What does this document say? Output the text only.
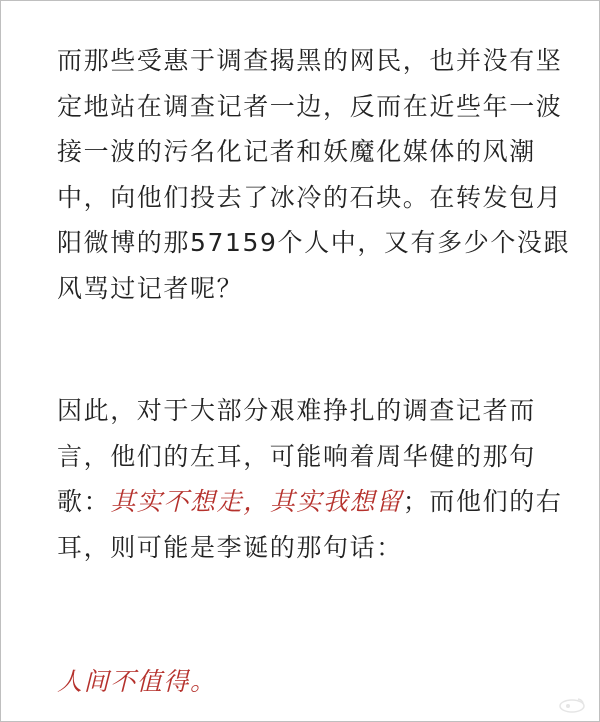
而那些受惠于调查揭黑的网民，也并没有坚
定地站在调查记者一边，反而在近些年一波
接一波的污名化记者和妖魔化媒体的风潮
中，向他们投去了冰冷的石块。在转发包月
阳微博的那57159个人中，又有多少个没跟
风骂过记者呢？

因此，对于大部分艰难挣扎的调查记者而
言，他们的左耳，可能响着周华健的那句
歌：其实不想走，其实我想留；而他们的右
耳，则可能是李诞的那句话：

人间不值得。
